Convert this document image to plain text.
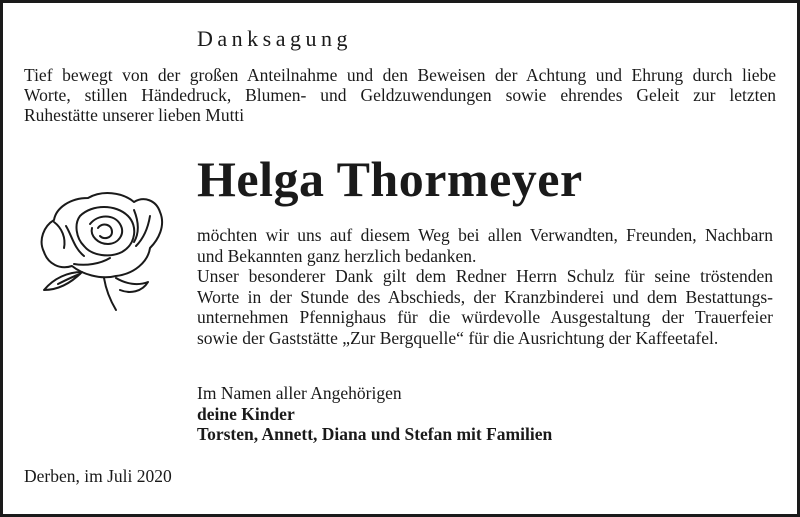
Danksagung
Tief bewegt von der großen Anteilnahme und den Beweisen der Achtung und Ehrung durch liebe
Worte, stillen Händedruck, Blumen- und Geldzuwendungen sowie ehrendes Geleit zur letzten
Ruhestätte unserer lieben Mutti
Helga Thormeyer
möchten wir uns auf diesem Weg bei allen Verwandten, Freunden, Nachbarn
und Bekannten ganz herzlich bedanken.
Unser besonderer Dank gilt dem Redner Herrn Schulz für seine tröstenden
Worte in der Stunde des Abschieds, der Kranzbinderei und dem Bestattungs-
unternehmen Pfennighaus für die würdevolle Ausgestaltung der Trauerfeier
sowie der Gaststätte „Zur Bergquelle“ für die Ausrichtung der Kaffeetafel.
Im Namen aller Angehörigen
deine Kinder
Torsten, Annett, Diana und Stefan mit Familien
Derben, im Juli 2020
